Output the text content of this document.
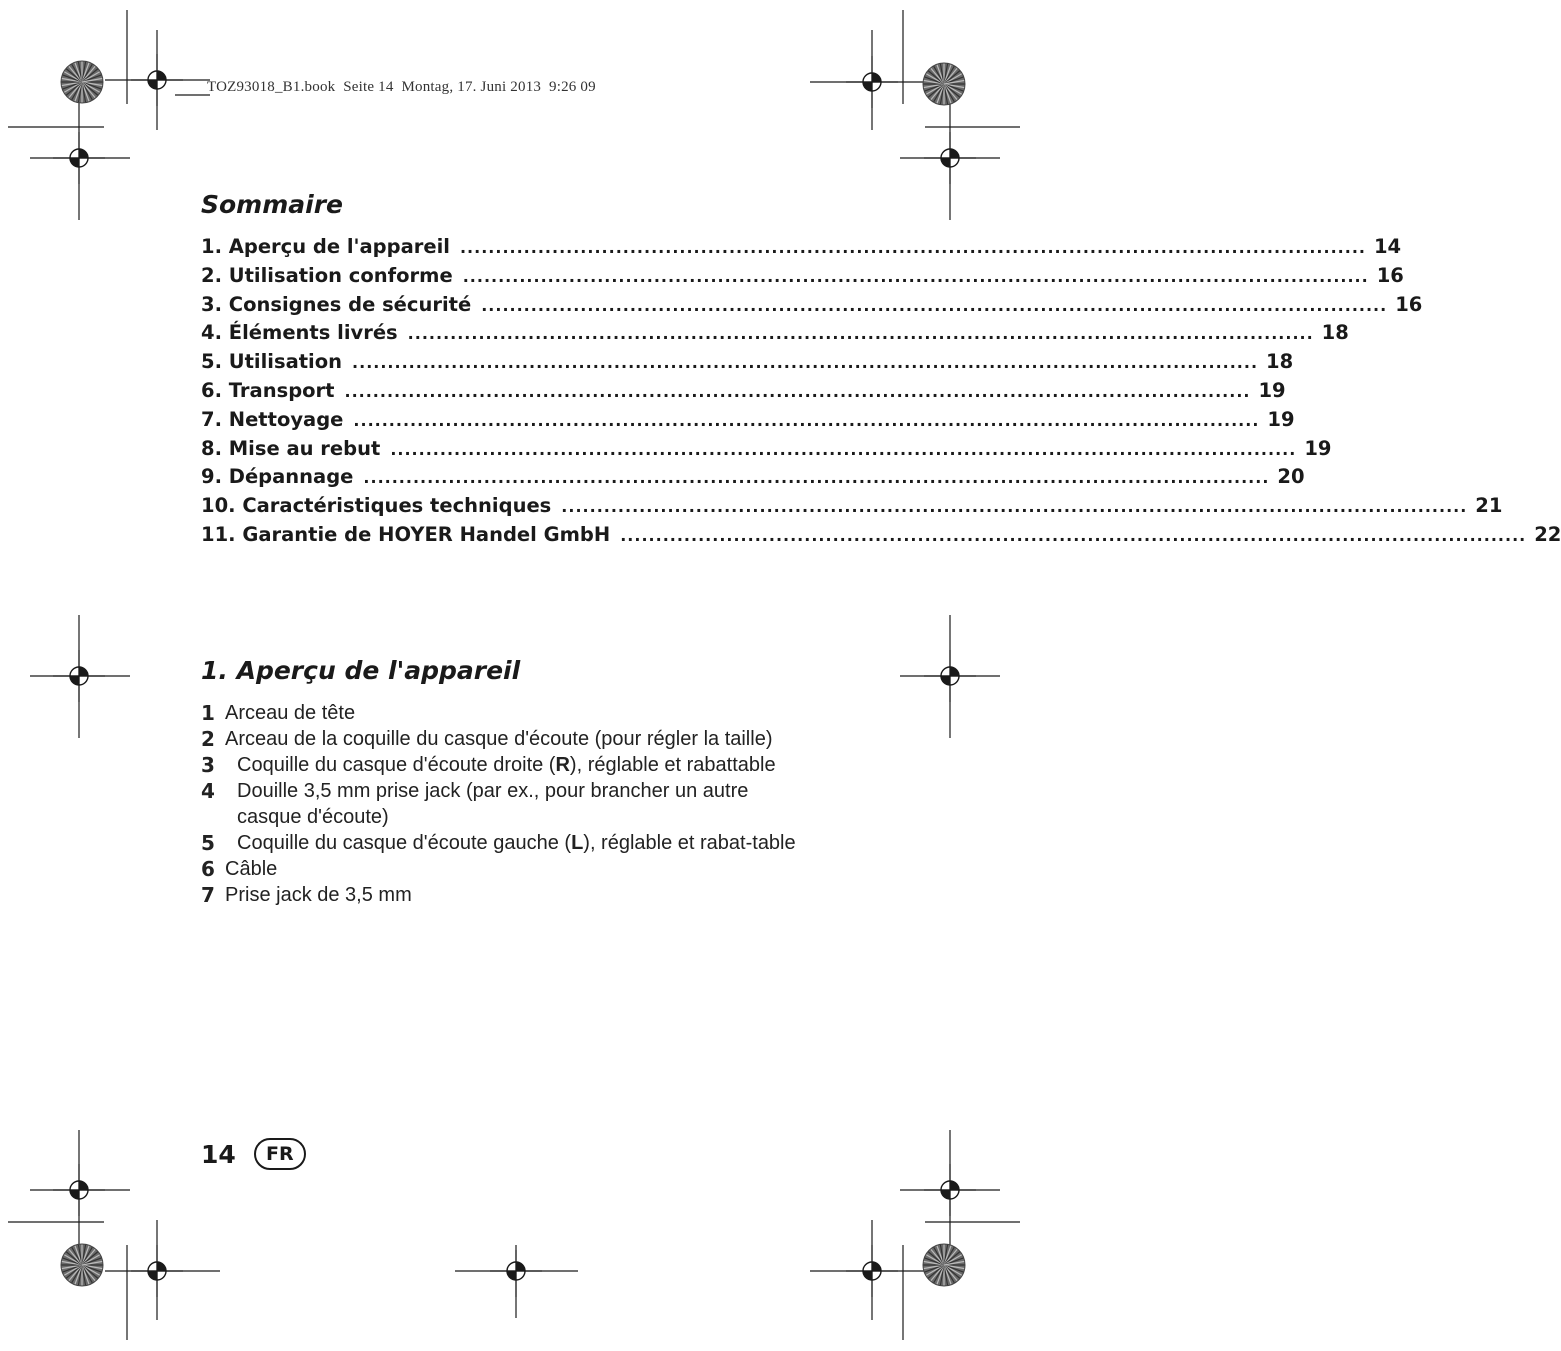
TOZ93018_B1.book  Seite 14  Montag, 17. Juni 2013  9:26 09
Sommaire
1. Aperçu de l'appareil ................................................................................................................................ 14
2. Utilisation conforme ................................................................................................................................ 16
3. Consignes de sécurité ................................................................................................................................ 16
4. Éléments livrés ................................................................................................................................ 18
5. Utilisation ................................................................................................................................ 18
6. Transport ................................................................................................................................ 19
7. Nettoyage ................................................................................................................................ 19
8. Mise au rebut ................................................................................................................................ 19
9. Dépannage ................................................................................................................................ 20
10. Caractéristiques techniques ................................................................................................................................ 21
11. Garantie de HOYER Handel GmbH ................................................................................................................................ 22
1. Aperçu de l'appareil
1 Arceau de tête
2 Arceau de la coquille du casque d'écoute (pour régler la taille)
3 Coquille du casque d'écoute droite (R), réglable et rabattable
4 Douille 3,5 mm prise jack (par ex., pour brancher un autre casque d'écoute)
5 Coquille du casque d'écoute gauche (L), réglable et rabat-table
6 Câble
7 Prise jack de 3,5 mm
14	FR
